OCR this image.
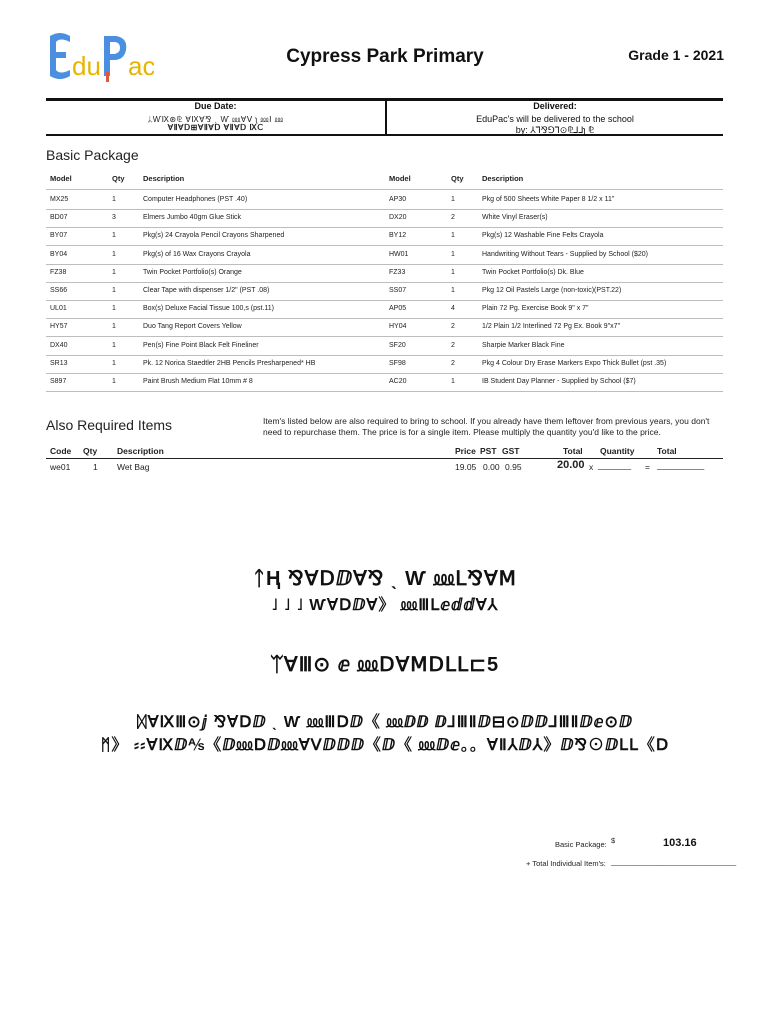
du ac	Cypress Park Primary	Grade 1 - 2021
Due Date:
ᛦⱲⅨ⊛⅊ ⱯⅨⱯ⅋ ˎ Ⱳ ⅏ⱯⅤ ʅ ⅏Ⅰ ⅏
ⱯⅡⱯⅮ⊞ⱯⅡⱯⅮ ⱯⅡⱯⅮ ⅨⅭ
Delivered:
EduPac's will be delivered to the school
by: ⅄⅂⅋⅁⅂⊙⅊⅃⅃ʅ ⅊
Basic Package
Model	Qty Description	Model	Qty Description
MX25	1	Computer Headphones (PST .40)	AP30	1	Pkg of 500 Sheets White Paper 8 1/2 x 11"
BD07	3	Elmers Jumbo 40gm Glue Stick	DX20	2	White Vinyl Eraser(s)
BY07	1	Pkg(s) 24 Crayola Pencil Crayons Sharpened	BY12	1	Pkg(s) 12 Washable Fine Felts Crayola
BY04	1	Pkg(s) of 16 Wax Crayons Crayola	HW01	1	Handwriting Without Tears - Supplied by School ($20)
FZ38	1	Twin Pocket Portfolio(s) Orange	FZ33	1	Twin Pocket Portfolio(s) Dk. Blue
SS66	1	Clear Tape with dispenser 1/2" (PST .08)	SS07	1	Pkg 12 Oil Pastels Large (non-toxic)(PST.22)
UL01	1	Box(s) Deluxe Facial Tissue 100,s (pst.11)	AP05	4	Plain 72 Pg. Exercise Book 9" x 7"
HY57	1	Duo Tang Report Covers Yellow	HY04	2	1/2 Plain 1/2 Interlined 72 Pg Ex. Book 9"x7"
DX40	1	Pen(s) Fine Point Black Felt Fineliner	SF20	2	Sharpie Marker Black Fine
SR13	1	Pk. 12 Norica Staedtler 2HB Pencils Presharpened* HB	SF98	2	Pkg 4 Colour Dry Erase Markers Expo Thick Bullet (pst .35)
S897	1	Paint Brush Medium Flat 10mm # 8	AC20	1	IB Student Day Planner - Supplied by School ($7)
Also Required Items	Item's listed below are also required to bring to school. If you already have them leftover from previous years, you don't need to repurchase them. The price is for a single item. Please multiply the quantity you'd like to the price.
Code Qty Description	Price PST GST	Total Quantity	Total
we01	1 Wet Bag	19.05 0.00 0.95	20.00 x _______ = __________
ᛏⱧ ⅋ⱯⅮⅅⱯ⅋ ˎ Ⱳ ⅏Ⅼ⅋ⱯⅯ
˩ ˩ ˩ ⱲⱯⅮⅅⱯ》 ⅏ⅢⅬⅇⅆⅆⱯ⅄
ᛠⱯⅢ⊙ ⅇ ⅏ⅮⱯⅯⅮⅬⅬ⊏5
ᛞⱯⅨⅢ⊙ⅉ ⅋ⱯⅮⅅ ˎ Ⱳ ⅏ⅢⅮⅅ《 ⅏ⅅⅅ ⅅ⅃ⅢⅡⅅ⊟⊙ⅅⅅ⅃ⅢⅡⅅⅇ⊙ⅅ
ᛗ》 ⸗⸗ⱯⅨⅅ⅍《ⅅ⅏Ⅾⅅ⅏ⱯⅤⅅⅅⅅ《ⅅ《 ⅏ⅅⅇ。。ⱯⅡ⅄ⅅ⅄》ⅅ⅋⊙ⅅⅬⅬ《Ⅾ
Basic Package: $	103.16
+ Total Individual Item's: ______________________________
